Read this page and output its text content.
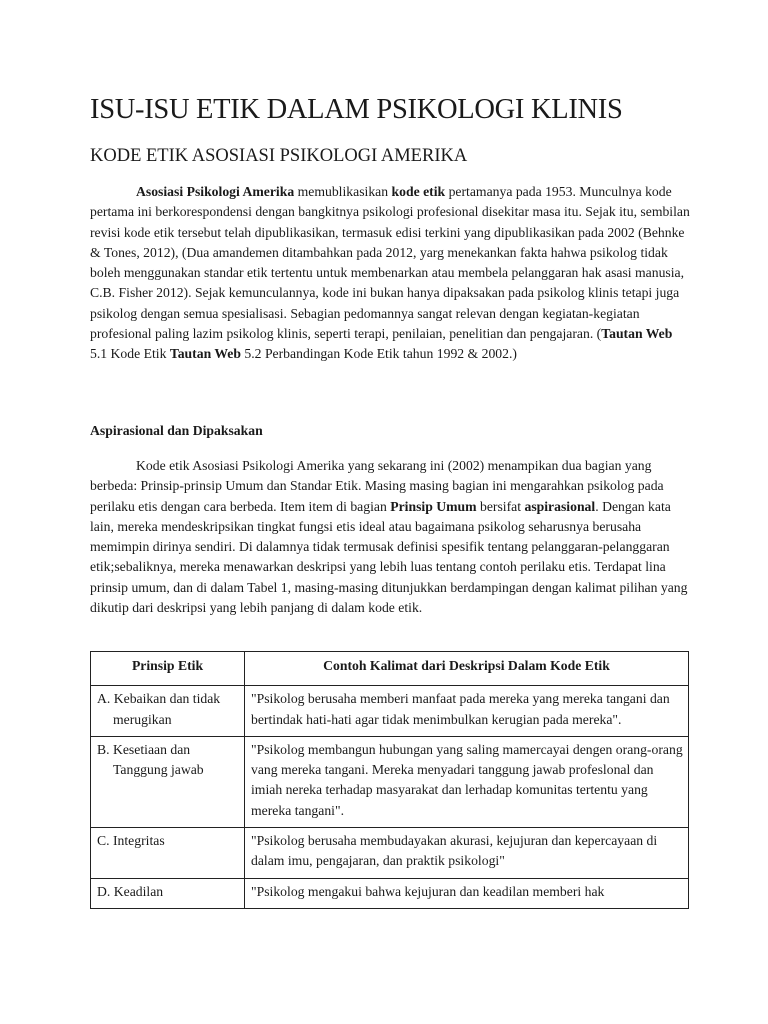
ISU-ISU ETIK DALAM PSIKOLOGI KLINIS
KODE ETIK ASOSIASI PSIKOLOGI AMERIKA

Asosiasi Psikologi Amerika memublikasikan kode etik pertamanya pada 1953. Munculnya kode pertama ini berkorespondensi dengan bangkitnya psikologi profesional disekitar masa itu. Sejak itu, sembilan revisi kode etik tersebut telah dipublikasikan, termasuk edisi terkini yang dipublikasikan pada 2002 (Behnke & Tones, 2012), (Dua amandemen ditambahkan pada 2012, yarg menekankan fakta hahwa psikolog tidak boleh menggunakan standar etik tertentu untuk membenarkan atau membela pelanggaran hak asasi manusia, C.B. Fisher 2012). Sejak kemunculannya, kode ini bukan hanya dipaksakan pada psikolog klinis tetapi juga psikolog dengan semua spesialisasi. Sebagian pedomannya sangat relevan dengan kegiatan-kegiatan profesional paling lazim psikolog klinis, seperti terapi, penilaian, penelitian dan pengajaran. (Tautan Web 5.1 Kode Etik Tautan Web 5.2 Perbandingan Kode Etik tahun 1992 & 2002.)

Aspirasional dan Dipaksakan

Kode etik Asosiasi Psikologi Amerika yang sekarang ini (2002) menampikan dua bagian yang berbeda: Prinsip-prinsip Umum dan Standar Etik. Masing masing bagian ini mengarahkan psikolog pada perilaku etis dengan cara berbeda. Item item di bagian Prinsip Umum bersifat aspirasional. Dengan kata lain, mereka mendeskripsikan tingkat fungsi etis ideal atau bagaimana psikolog seharusnya berusaha memimpin dirinya sendiri. Di dalamnya tidak termusak definisi spesifik tentang pelanggaran-pelanggaran etik;sebaliknya, mereka menawarkan deskripsi yang lebih luas tentang contoh perilaku etis. Terdapat lina prinsip umum, dan di dalam Tabel 1, masing-masing ditunjukkan berdampingan dengan kalimat pilihan yang dikutip dari deskripsi yang lebih panjang di dalam kode etik.

Prinsip Etik	Contoh Kalimat dari Deskripsi Dalam Kode Etik

A. Kebaikan dan tidak merugikan	"Psikolog berusaha memberi manfaat pada mereka yang mereka tangani dan bertindak hati-hati agar tidak menimbulkan kerugian pada mereka".

B. Kesetiaan dan Tanggung jawab	"Psikolog membangun hubungan yang saling mamercayai dengen orang-orang vang mereka tangani. Mereka menyadari tanggung jawab profeslonal dan imiah nereka terhadap masyarakat dan lerhadap komunitas tertentu yang mereka tangani".

C. Integritas	"Psikolog berusaha membudayakan akurasi, kejujuran dan kepercayaan di dalam imu, pengajaran, dan praktik psikologi"

D. Keadilan	"Psikolog mengakui bahwa kejujuran dan keadilan memberi hak
